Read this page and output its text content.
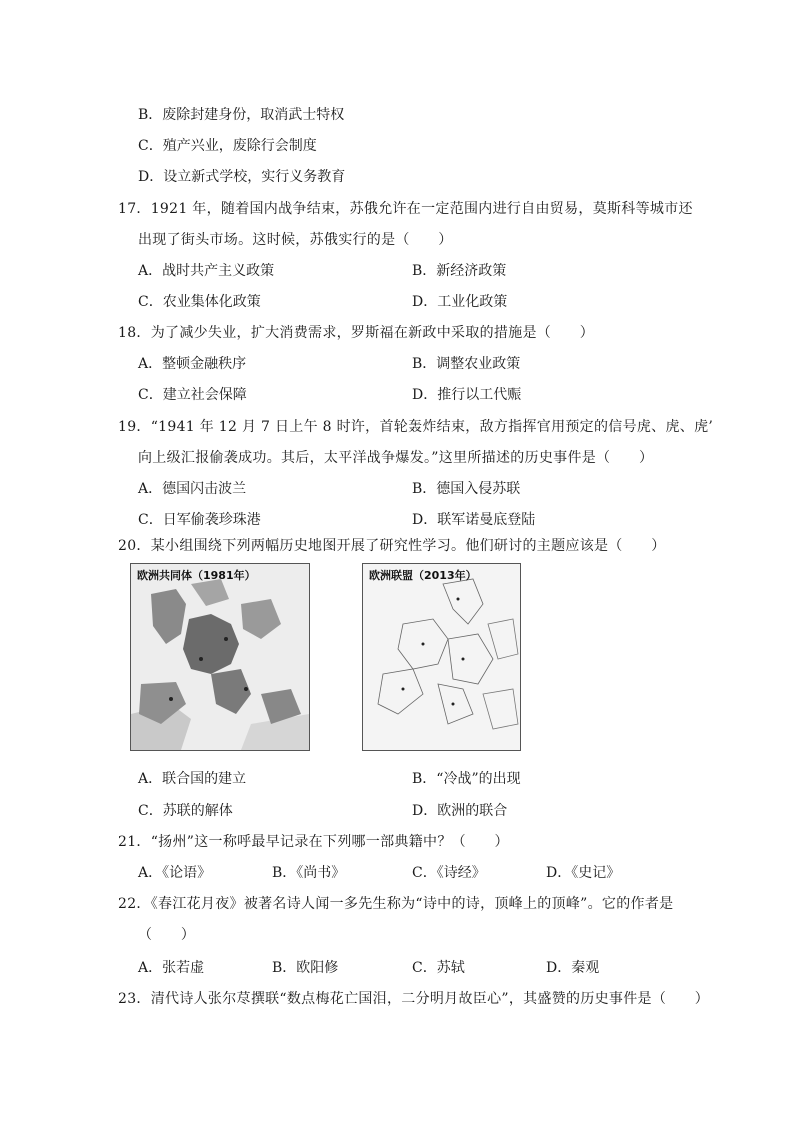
B．废除封建身份，取消武士特权
C．殖产兴业，废除行会制度
D．设立新式学校，实行义务教育
17．1921 年，随着国内战争结束，苏俄允许在一定范围内进行自由贸易，莫斯科等城市还
出现了街头市场。这时候，苏俄实行的是（　　）
A．战时共产主义政策	B．新经济政策
C．农业集体化政策	D．工业化政策
18．为了减少失业，扩大消费需求，罗斯福在新政中采取的措施是（　　）
A．整顿金融秩序	B．调整农业政策
C．建立社会保障	D．推行以工代赈
19．“1941 年 12 月 7 日上午 8 时许，首轮轰炸结束，敌方指挥官用预定的信号虎、虎、虎’
向上级汇报偷袭成功。其后，太平洋战争爆发。”这里所描述的历史事件是（　　）
A．德国闪击波兰	B．德国入侵苏联
C．日军偷袭珍珠港	D．联军诺曼底登陆
20．某小组围绕下列两幅历史地图开展了研究性学习。他们研讨的主题应该是（　　）
欧洲共同体（1981年）	欧洲联盟（2013年）
A．联合国的建立	B．“冷战”的出现
C．苏联的解体	D．欧洲的联合
21．“扬州”这一称呼最早记录在下列哪一部典籍中？（　　）
A．《论语》	B．《尚书》	C．《诗经》	D．《史记》
22．《春江花月夜》被著名诗人闻一多先生称为“诗中的诗，顶峰上的顶峰”。它的作者是
（　　）
A．张若虚	B．欧阳修	C．苏轼	D．秦观
23．清代诗人张尔荩撰联“数点梅花亡国泪，二分明月故臣心”，其盛赞的历史事件是（　　）
